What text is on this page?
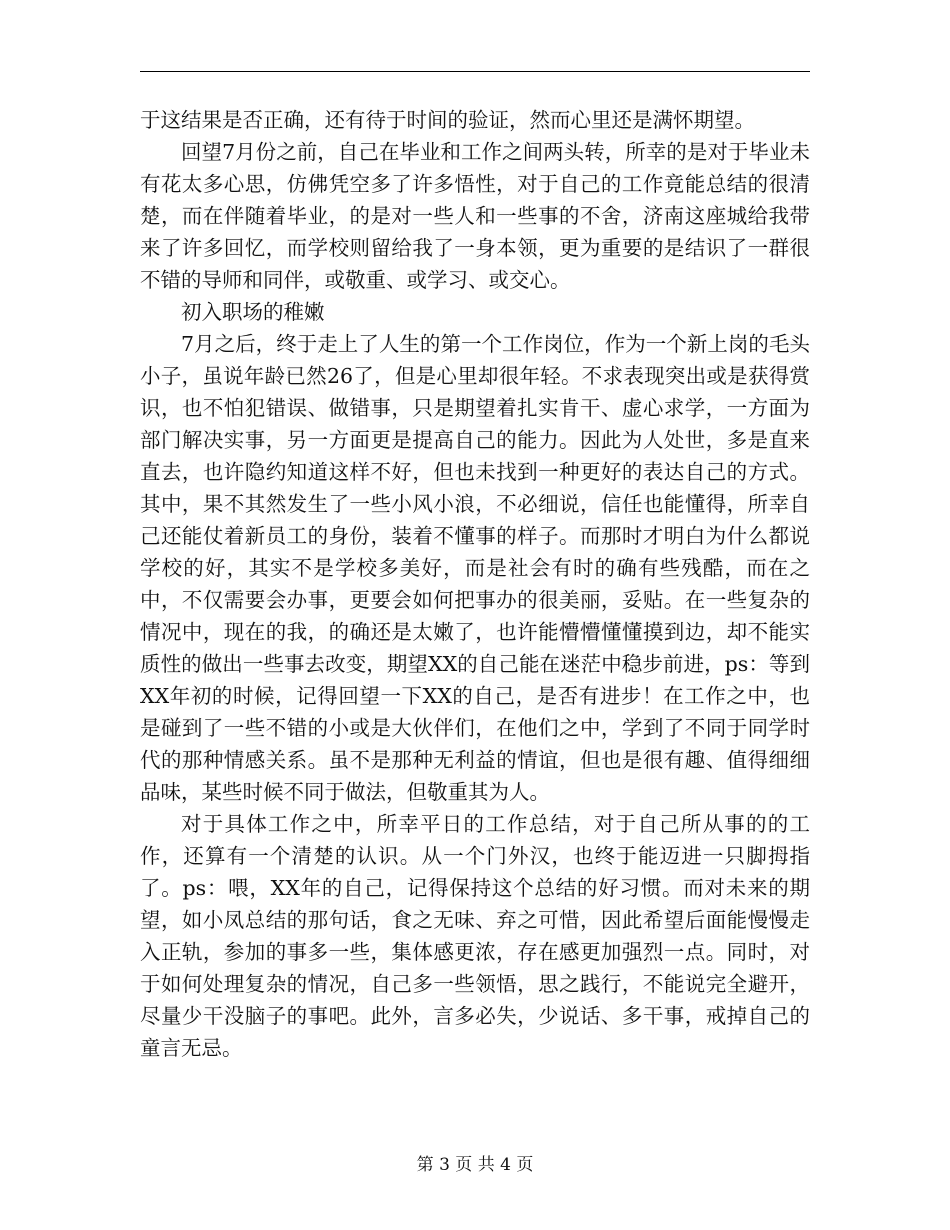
于这结果是否正确，还有待于时间的验证，然而心里还是满怀期望。

回望7月份之前，自己在毕业和工作之间两头转，所幸的是对于毕业未有花太多心思，仿佛凭空多了许多悟性，对于自己的工作竟能总结的很清楚，而在伴随着毕业，的是对一些人和一些事的不舍，济南这座城给我带来了许多回忆，而学校则留给我了一身本领，更为重要的是结识了一群很不错的导师和同伴，或敬重、或学习、或交心。

初入职场的稚嫩

7月之后，终于走上了人生的第一个工作岗位，作为一个新上岗的毛头小子，虽说年龄已然26了，但是心里却很年轻。不求表现突出或是获得赏识，也不怕犯错误、做错事，只是期望着扎实肯干、虚心求学，一方面为部门解决实事，另一方面更是提高自己的能力。因此为人处世，多是直来直去，也许隐约知道这样不好，但也未找到一种更好的表达自己的方式。其中，果不其然发生了一些小风小浪，不必细说，信任也能懂得，所幸自己还能仗着新员工的身份，装着不懂事的样子。而那时才明白为什么都说学校的好，其实不是学校多美好，而是社会有时的确有些残酷，而在之中，不仅需要会办事，更要会如何把事办的很美丽，妥贴。在一些复杂的情况中，现在的我，的确还是太嫩了，也许能懵懵懂懂摸到边，却不能实质性的做出一些事去改变，期望XX的自己能在迷茫中稳步前进，ps：等到XX年初的时候，记得回望一下XX的自己，是否有进步！在工作之中，也是碰到了一些不错的小或是大伙伴们，在他们之中，学到了不同于同学时代的那种情感关系。虽不是那种无利益的情谊，但也是很有趣、值得细细品味，某些时候不同于做法，但敬重其为人。

对于具体工作之中，所幸平日的工作总结，对于自己所从事的的工作，还算有一个清楚的认识。从一个门外汉，也终于能迈进一只脚拇指了。ps：喂，XX年的自己，记得保持这个总结的好习惯。而对未来的期望，如小凤总结的那句话，食之无味、弃之可惜，因此希望后面能慢慢走入正轨，参加的事多一些，集体感更浓，存在感更加强烈一点。同时，对于如何处理复杂的情况，自己多一些领悟，思之践行，不能说完全避开，尽量少干没脑子的事吧。此外，言多必失，少说话、多干事，戒掉自己的童言无忌。

第 3 页 共 4 页
